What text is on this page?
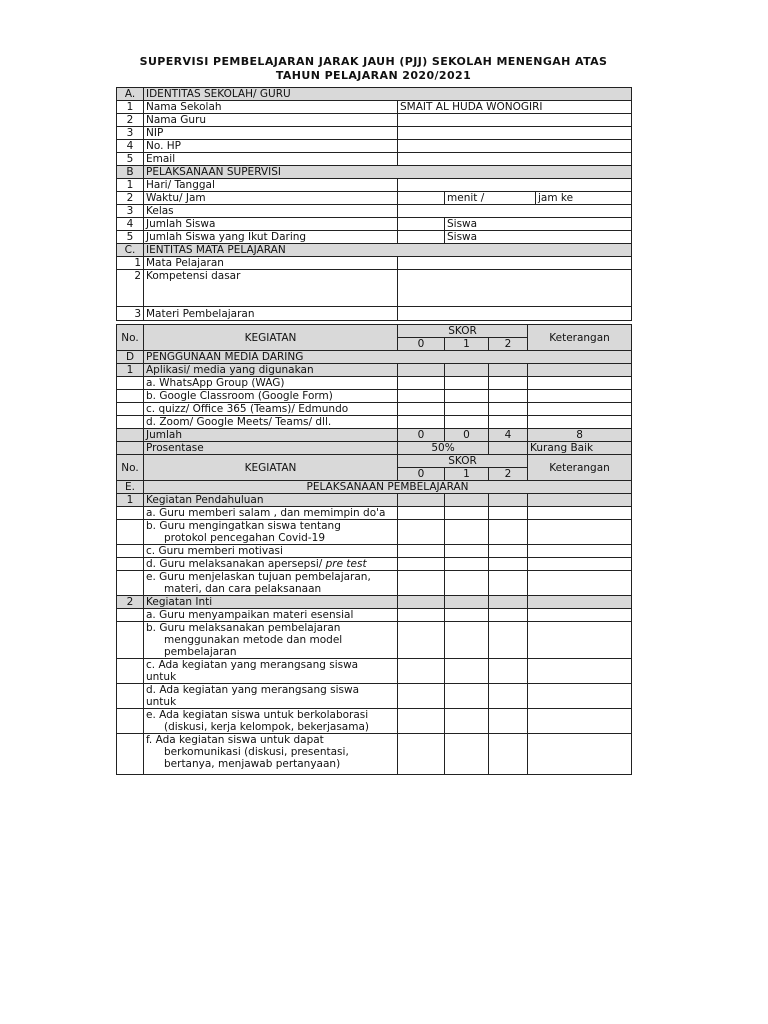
SUPERVISI PEMBELAJARAN JARAK JAUH (PJJ) SEKOLAH MENENGAH ATAS
TAHUN PELAJARAN 2020/2021
A.	IDENTITAS SEKOLAH/ GURU			
1	Nama Sekolah	SMAIT AL HUDA WONOGIRI		
2	Nama Guru			
3	NIP			
4	No. HP			
5	Email			
B	PELAKSANAAN SUPERVISI			
1	Hari/ Tanggal			
2	Waktu/ Jam		menit /	jam ke
3	Kelas			
4	Jumlah Siswa		Siswa	
5	Jumlah Siswa yang Ikut Daring		Siswa	
C.	IENTITAS MATA PELAJARAN			
1	Mata Pelajaran			
2	Kompetensi dasar			
3	Materi Pembelajaran			
No.	KEGIATAN	SKOR			Keterangan
		0	1	2	
D	PENGGUNAAN MEDIA DARING				
1	Aplikasi/ media yang digunakan				
	a. WhatsApp Group (WAG)				
	b. Google Classroom (Google Form)				
	c. quizz/ Office 365 (Teams)/ Edmundo				
	d. Zoom/ Google Meets/ Teams/ dll.				
	Jumlah	0	0	4	8
	Prosentase	50%			Kurang Baik
No.	KEGIATAN	SKOR			Keterangan
		0	1	2	
E.	PELAKSANAAN PEMBELAJARAN				
1	Kegiatan Pendahuluan				
	a. Guru memberi salam , dan memimpin do'a				
	b. Guru mengingatkan siswa tentang
protokol pencegahan Covid-19				

	c. Guru memberi motivasi				
	d. Guru melaksanakan apersepsi/ pre test				
	e. Guru menjelaskan tujuan pembelajaran,
materi, dan cara pelaksanaan				

2	Kegiatan Inti				
	a. Guru menyampaikan materi esensial				
	b. Guru melaksanakan pembelajaran
menggunakan metode dan model
pembelajaran				

	c. Ada kegiatan yang merangsang siswa
untuk				
	d. Ada kegiatan yang merangsang siswa
untuk				
	e. Ada kegiatan siswa untuk berkolaborasi
(diskusi, kerja kelompok, bekerjasama)				

	f. Ada kegiatan siswa untuk dapat
berkomunikasi (diskusi, presentasi,
bertanya, menjawab pertanyaan)				
